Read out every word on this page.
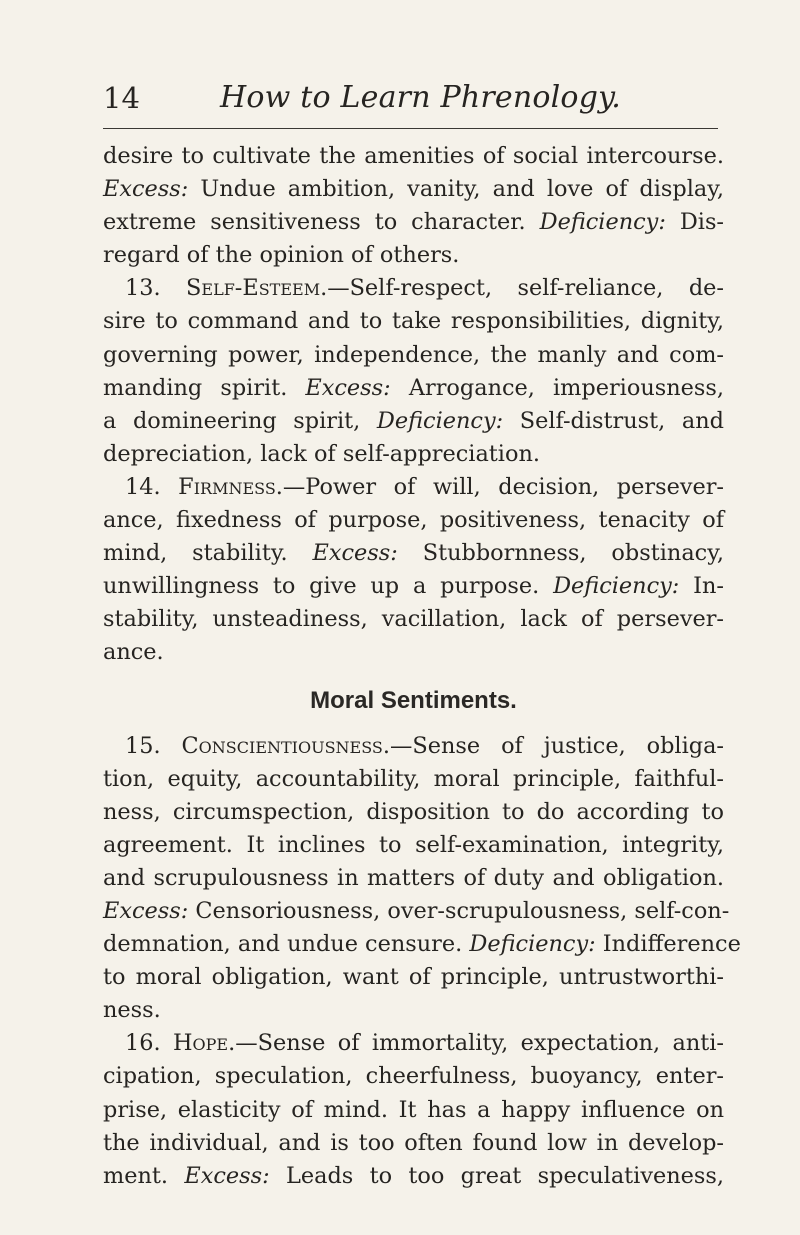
14	How to Learn Phrenology.
desire to cultivate the amenities of social intercourse.
Excess: Undue ambition, vanity, and love of display,
extreme sensitiveness to character. Deficiency: Dis-
regard of the opinion of others.
13. Self-Esteem.—Self-respect, self-reliance, de-
sire to command and to take responsibilities, dignity,
governing power, independence, the manly and com-
manding spirit. Excess: Arrogance, imperiousness,
a domineering spirit, Deficiency: Self-distrust, and
depreciation, lack of self-appreciation.
14. Firmness.—Power of will, decision, persever-
ance, fixedness of purpose, positiveness, tenacity of
mind, stability. Excess: Stubbornness, obstinacy,
unwillingness to give up a purpose. Deficiency: In-
stability, unsteadiness, vacillation, lack of persever-
ance.
Moral Sentiments.
15. Conscientiousness.—Sense of justice, obliga-
tion, equity, accountability, moral principle, faithful-
ness, circumspection, disposition to do according to
agreement. It inclines to self-examination, integrity,
and scrupulousness in matters of duty and obligation.
Excess: Censoriousness, over-scrupulousness, self-con-
demnation, and undue censure. Deficiency: Indifference
to moral obligation, want of principle, untrustworthi-
ness.
16. Hope.—Sense of immortality, expectation, anti-
cipation, speculation, cheerfulness, buoyancy, enter-
prise, elasticity of mind. It has a happy influence on
the individual, and is too often found low in develop-
ment. Excess: Leads to too great speculativeness,
